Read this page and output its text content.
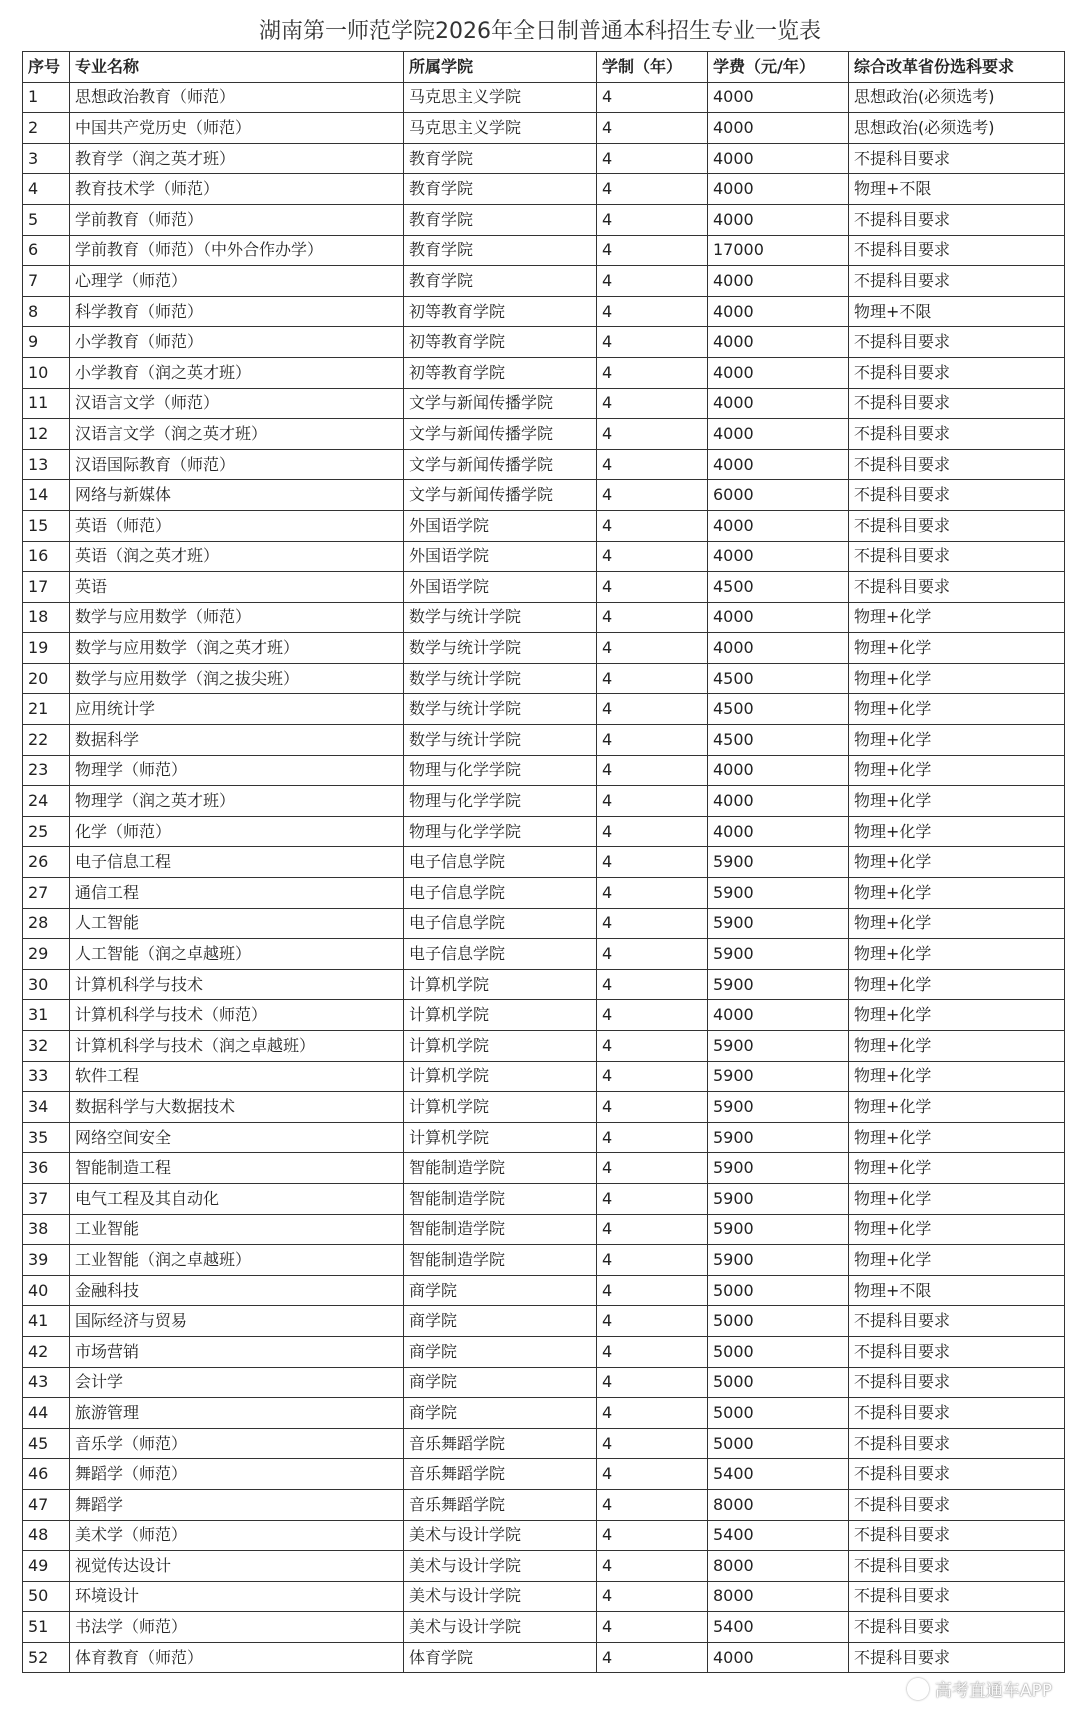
湖南第一师范学院2026年全日制普通本科招生专业一览表
序号	专业名称	所属学院	学制（年）	学费（元/年）	综合改革省份选科要求
1	思想政治教育（师范）	马克思主义学院	4	4000	思想政治(必须选考)
2	中国共产党历史（师范）	马克思主义学院	4	4000	思想政治(必须选考)
3	教育学（润之英才班）	教育学院	4	4000	不提科目要求
4	教育技术学（师范）	教育学院	4	4000	物理+不限
5	学前教育（师范）	教育学院	4	4000	不提科目要求
6	学前教育（师范）（中外合作办学）	教育学院	4	17000	不提科目要求
7	心理学（师范）	教育学院	4	4000	不提科目要求
8	科学教育（师范）	初等教育学院	4	4000	物理+不限
9	小学教育（师范）	初等教育学院	4	4000	不提科目要求
10	小学教育（润之英才班）	初等教育学院	4	4000	不提科目要求
11	汉语言文学（师范）	文学与新闻传播学院	4	4000	不提科目要求
12	汉语言文学（润之英才班）	文学与新闻传播学院	4	4000	不提科目要求
13	汉语国际教育（师范）	文学与新闻传播学院	4	4000	不提科目要求
14	网络与新媒体	文学与新闻传播学院	4	6000	不提科目要求
15	英语（师范）	外国语学院	4	4000	不提科目要求
16	英语（润之英才班）	外国语学院	4	4000	不提科目要求
17	英语	外国语学院	4	4500	不提科目要求
18	数学与应用数学（师范）	数学与统计学院	4	4000	物理+化学
19	数学与应用数学（润之英才班）	数学与统计学院	4	4000	物理+化学
20	数学与应用数学（润之拔尖班）	数学与统计学院	4	4500	物理+化学
21	应用统计学	数学与统计学院	4	4500	物理+化学
22	数据科学	数学与统计学院	4	4500	物理+化学
23	物理学（师范）	物理与化学学院	4	4000	物理+化学
24	物理学（润之英才班）	物理与化学学院	4	4000	物理+化学
25	化学（师范）	物理与化学学院	4	4000	物理+化学
26	电子信息工程	电子信息学院	4	5900	物理+化学
27	通信工程	电子信息学院	4	5900	物理+化学
28	人工智能	电子信息学院	4	5900	物理+化学
29	人工智能（润之卓越班）	电子信息学院	4	5900	物理+化学
30	计算机科学与技术	计算机学院	4	5900	物理+化学
31	计算机科学与技术（师范）	计算机学院	4	4000	物理+化学
32	计算机科学与技术（润之卓越班）	计算机学院	4	5900	物理+化学
33	软件工程	计算机学院	4	5900	物理+化学
34	数据科学与大数据技术	计算机学院	4	5900	物理+化学
35	网络空间安全	计算机学院	4	5900	物理+化学
36	智能制造工程	智能制造学院	4	5900	物理+化学
37	电气工程及其自动化	智能制造学院	4	5900	物理+化学
38	工业智能	智能制造学院	4	5900	物理+化学
39	工业智能（润之卓越班）	智能制造学院	4	5900	物理+化学
40	金融科技	商学院	4	5000	物理+不限
41	国际经济与贸易	商学院	4	5000	不提科目要求
42	市场营销	商学院	4	5000	不提科目要求
43	会计学	商学院	4	5000	不提科目要求
44	旅游管理	商学院	4	5000	不提科目要求
45	音乐学（师范）	音乐舞蹈学院	4	5000	不提科目要求
46	舞蹈学（师范）	音乐舞蹈学院	4	5400	不提科目要求
47	舞蹈学	音乐舞蹈学院	4	8000	不提科目要求
48	美术学（师范）	美术与设计学院	4	5400	不提科目要求
49	视觉传达设计	美术与设计学院	4	8000	不提科目要求
50	环境设计	美术与设计学院	4	8000	不提科目要求
51	书法学（师范）	美术与设计学院	4	5400	不提科目要求
52	体育教育（师范）	体育学院	4	4000	不提科目要求
高考直通车APP
